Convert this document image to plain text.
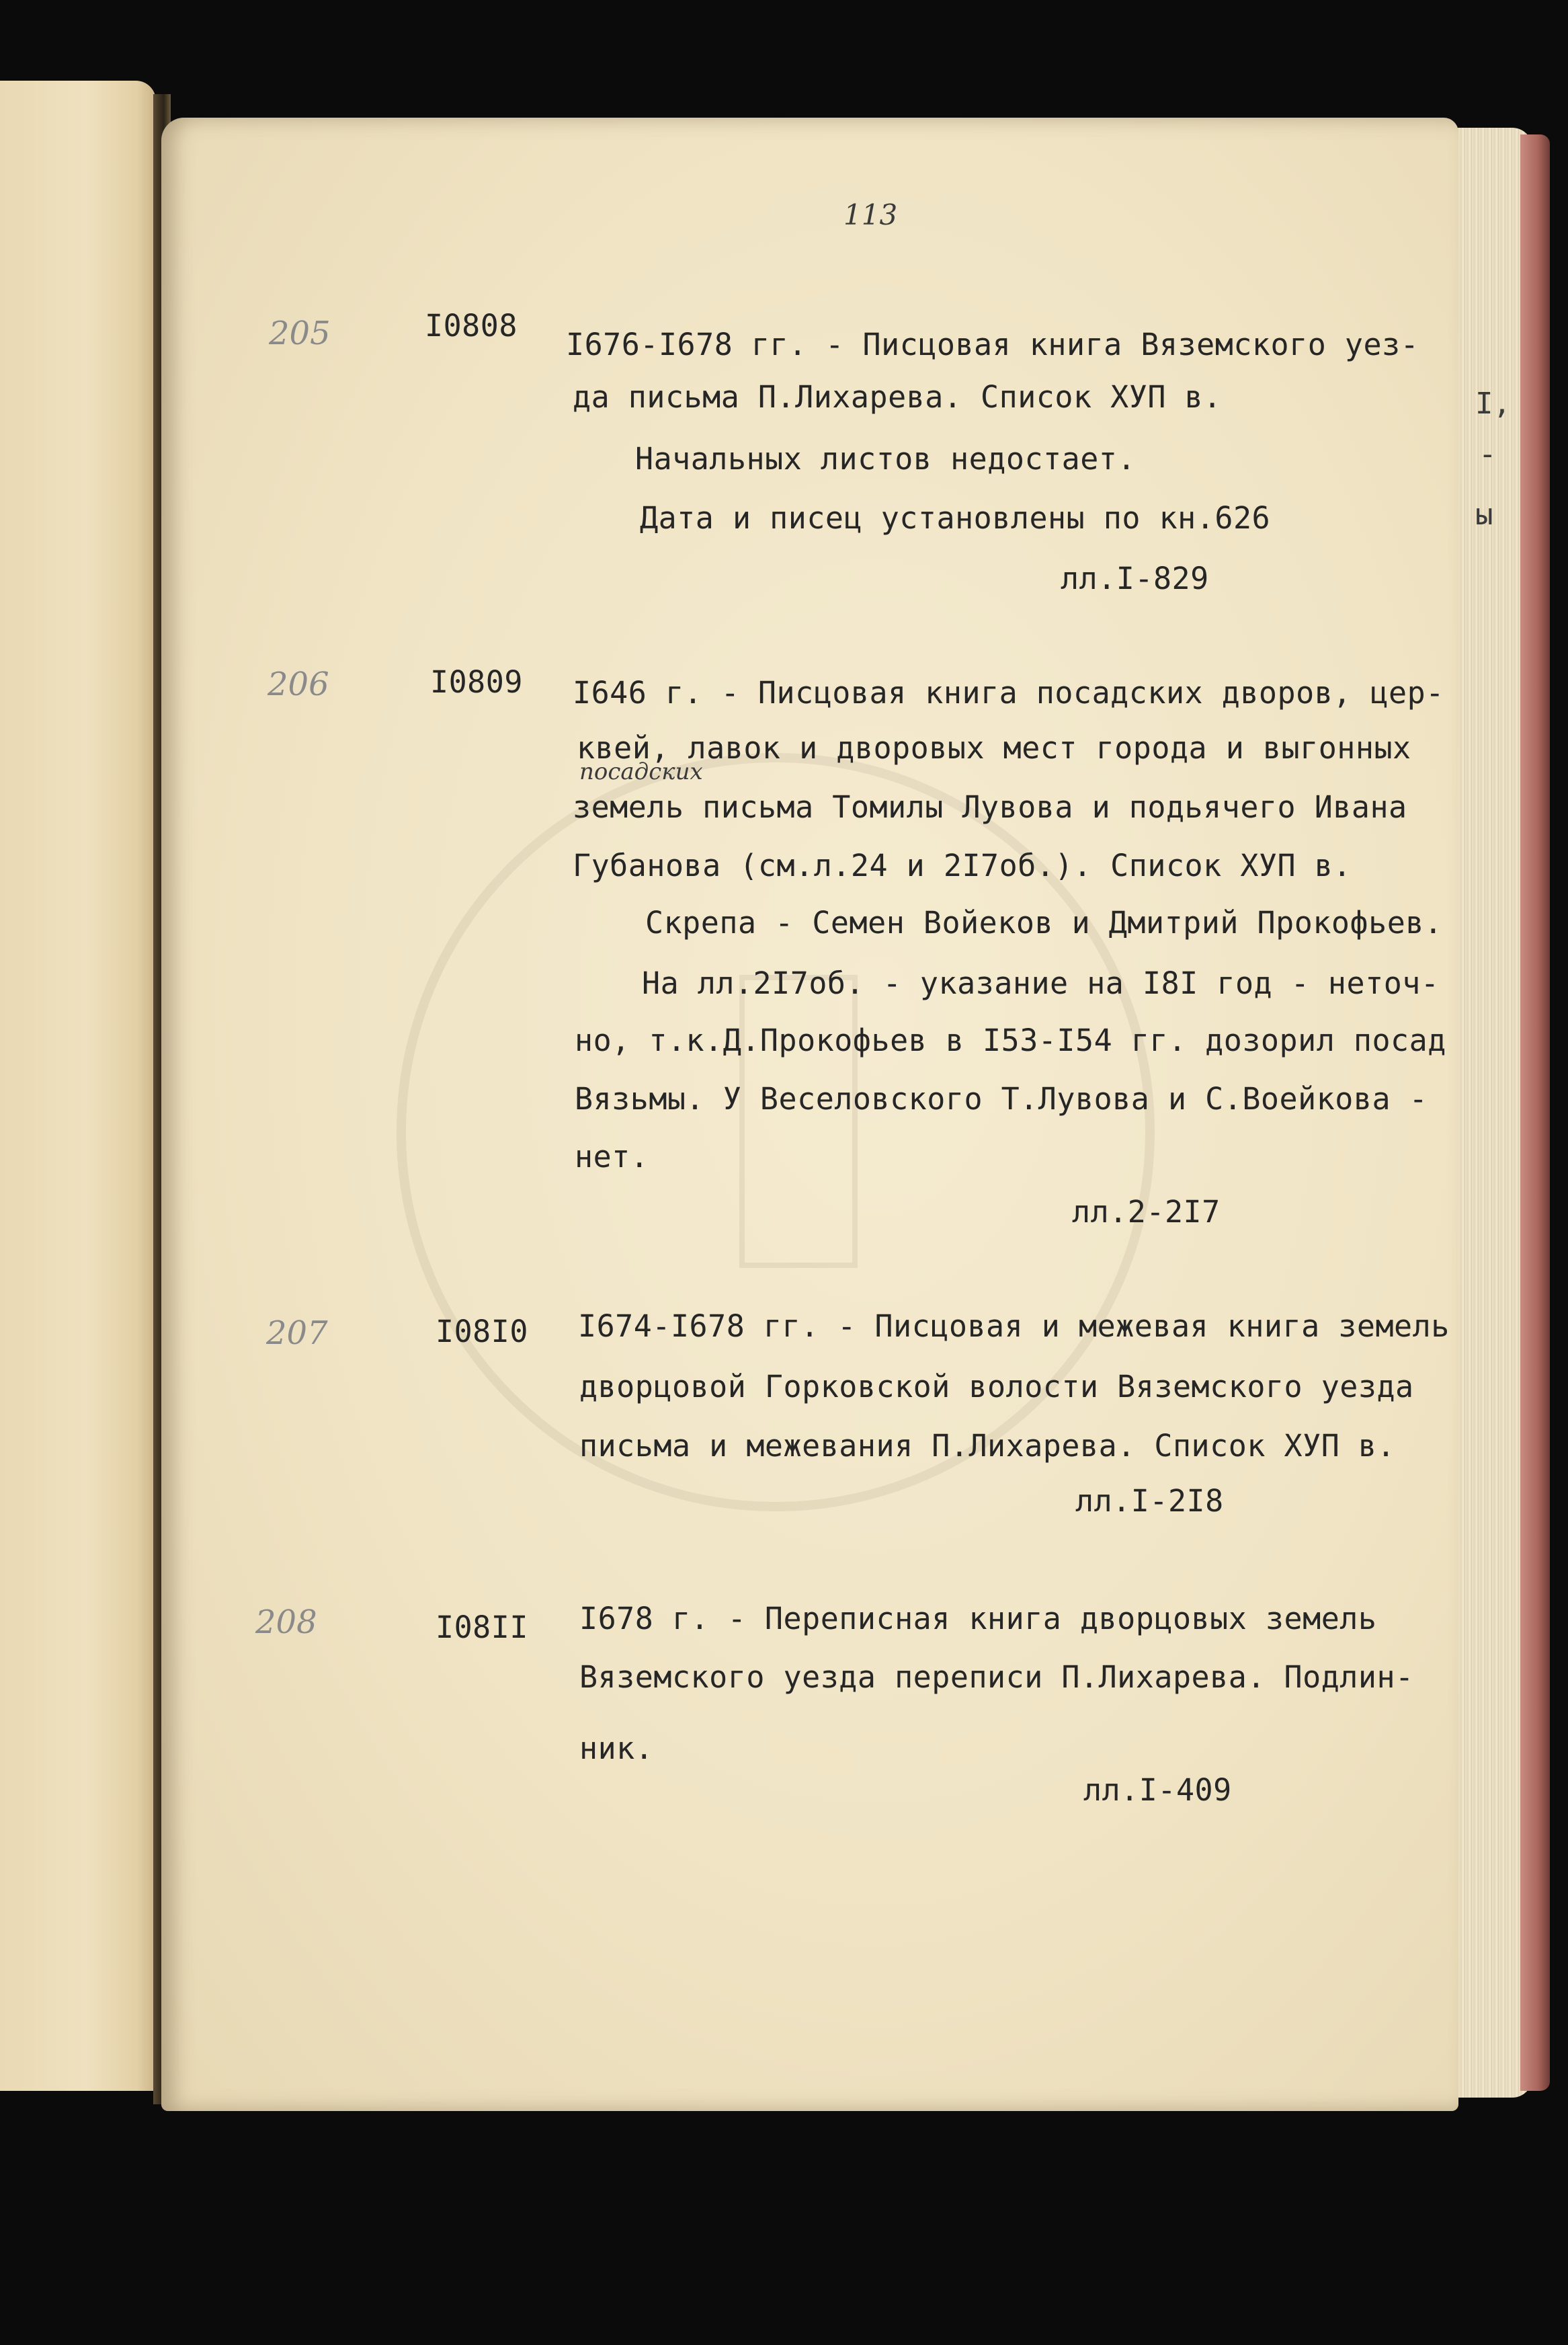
113
I,
-
ы
205	I0808
I676-I678 гг. - Писцовая книга Вяземского уез-
да письма П.Лихарева. Список ХУП в.
Начальных листов недостает.
Дата и писец установлены по кн.626
лл.I-829
206	I0809 I646 г. - Писцовая книга посадских дворов, цер-
квей, лавок и дворовых мест города и выгонных
посадских
земель письма Томилы Лувова и подьячего Ивана
Губанова (см.л.24 и 2I7об.). Список ХУП в.
Скрепа - Семен Войеков и Дмитрий Прокофьев.
На лл.2I7об. - указание на I8I год - неточ-
но, т.к.Д.Прокофьев в I53-I54 гг. дозорил посад
Вязьмы. У Веселовского Т.Лувова и С.Воейкова -
нет.
лл.2-2I7
207	I08I0 I674-I678 гг. - Писцовая и межевая книга земель
дворцовой Горковской волости Вяземского уезда
письма и межевания П.Лихарева. Список ХУП в.
лл.I-2I8
208	I08II I678 г. - Переписная книга дворцовых земель
Вяземского уезда переписи П.Лихарева. Подлин-
ник.
лл.I-409
